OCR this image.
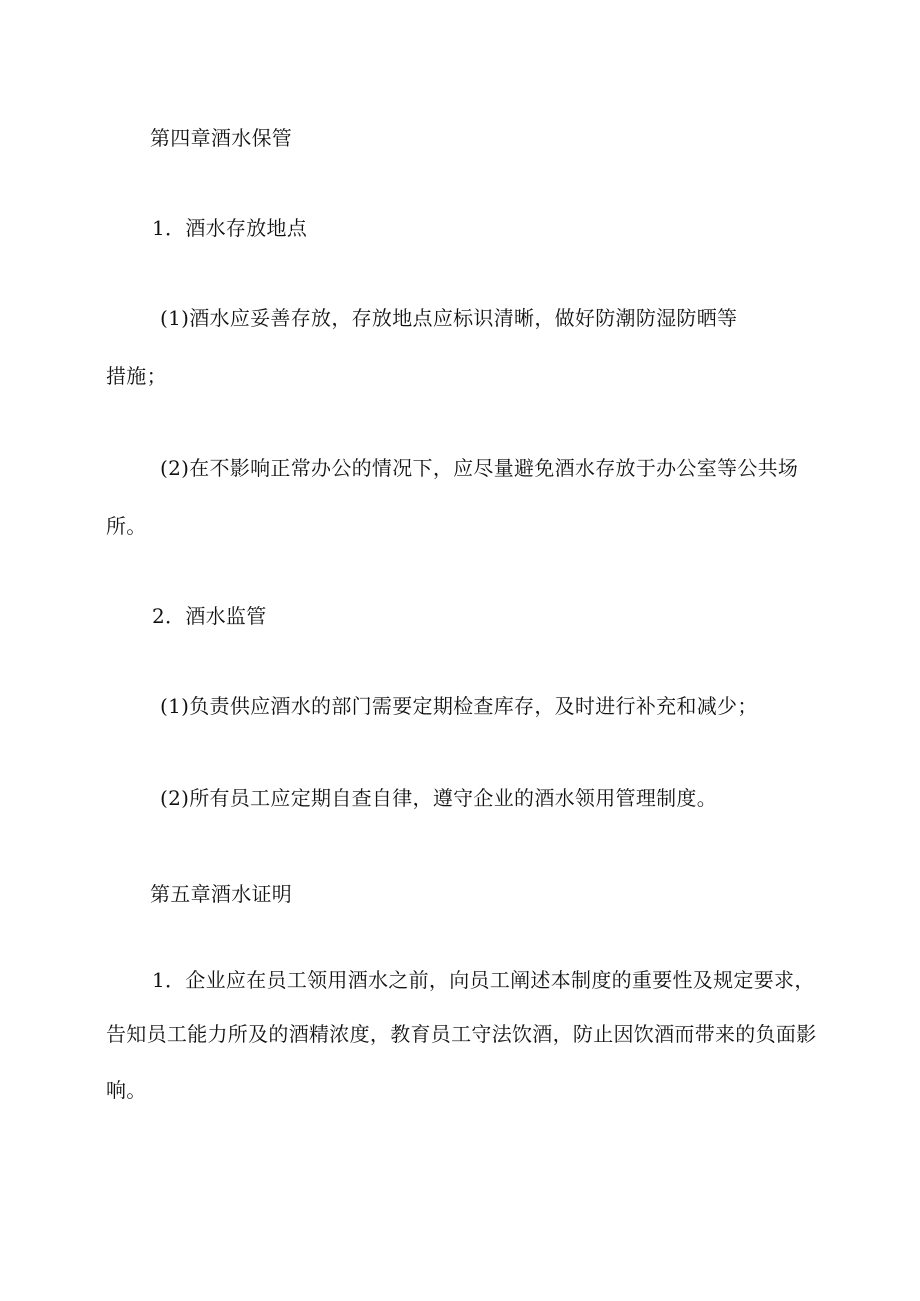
第四章酒水保管
1．酒水存放地点
(1)酒水应妥善存放，存放地点应标识清晰，做好防潮防湿防晒等
措施；
(2)在不影响正常办公的情况下，应尽量避免酒水存放于办公室等公共场
所。
2．酒水监管
(1)负责供应酒水的部门需要定期检查库存，及时进行补充和减少；
(2)所有员工应定期自查自律，遵守企业的酒水领用管理制度。
第五章酒水证明
1．企业应在员工领用酒水之前，向员工阐述本制度的重要性及规定要求，
告知员工能力所及的酒精浓度，教育员工守法饮酒，防止因饮酒而带来的负面影
响。
